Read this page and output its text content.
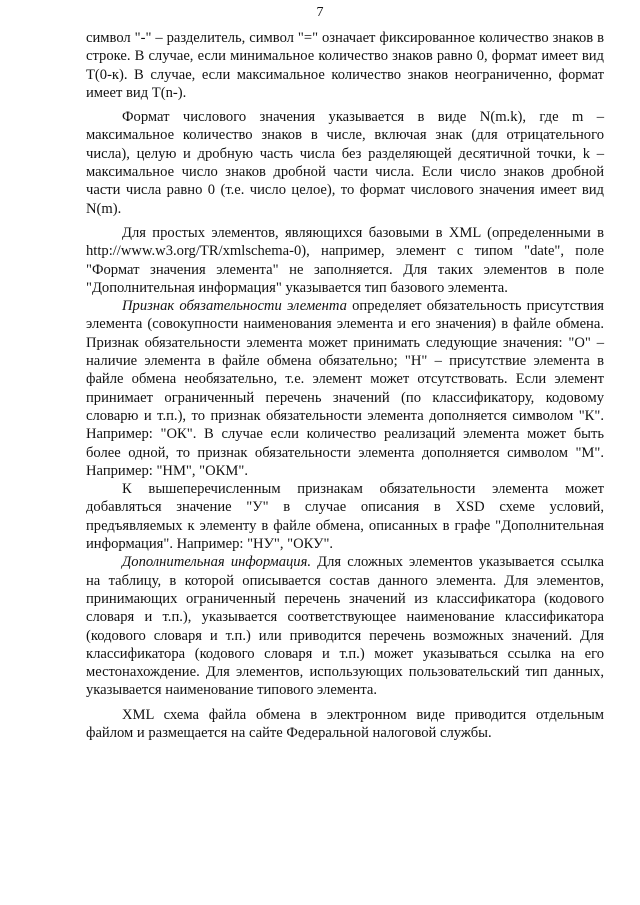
7

символ "-" – разделитель, символ "=" означает фиксированное количество знаков в строке. В случае, если минимальное количество знаков равно 0, формат имеет вид Т(0-к). В случае, если максимальное количество знаков неограниченно, формат имеет вид Т(n-).

Формат числового значения указывается в виде N(m.k), где m – максимальное количество знаков в числе, включая знак (для отрицательного числа), целую и дробную часть числа без разделяющей десятичной точки, k – максимальное число знаков дробной части числа. Если число знаков дробной части числа равно 0 (т.е. число целое), то формат числового значения имеет вид N(m).

Для простых элементов, являющихся базовыми в XML (определенными в http://www.w3.org/TR/xmlschema-0), например, элемент с типом "date", поле "Формат значения элемента" не заполняется. Для таких элементов в поле "Дополнительная информация" указывается тип базового элемента.

Признак обязательности элемента определяет обязательность присутствия элемента (совокупности наименования элемента и его значения) в файле обмена. Признак обязательности элемента может принимать следующие значения: "О" – наличие элемента в файле обмена обязательно; "Н" – присутствие элемента в файле обмена необязательно, т.е. элемент может отсутствовать. Если элемент принимает ограниченный перечень значений (по классификатору, кодовому словарю и т.п.), то признак обязательности элемента дополняется символом "К". Например: "ОК". В случае если количество реализаций элемента может быть более одной, то признак обязательности элемента дополняется символом "М". Например: "НМ", "ОКМ".

К вышеперечисленным признакам обязательности элемента может добавляться значение "У" в случае описания в XSD схеме условий, предъявляемых к элементу в файле обмена, описанных в графе "Дополнительная информация". Например: "НУ", "ОКУ".

Дополнительная информация. Для сложных элементов указывается ссылка на таблицу, в которой описывается состав данного элемента. Для элементов, принимающих ограниченный перечень значений из классификатора (кодового словаря и т.п.), указывается соответствующее наименование классификатора (кодового словаря и т.п.) или приводится перечень возможных значений. Для классификатора (кодового словаря и т.п.) может указываться ссылка на его местонахождение. Для элементов, использующих пользовательский тип данных, указывается наименование типового элемента.

XML схема файла обмена в электронном виде приводится отдельным файлом и размещается на сайте Федеральной налоговой службы.
